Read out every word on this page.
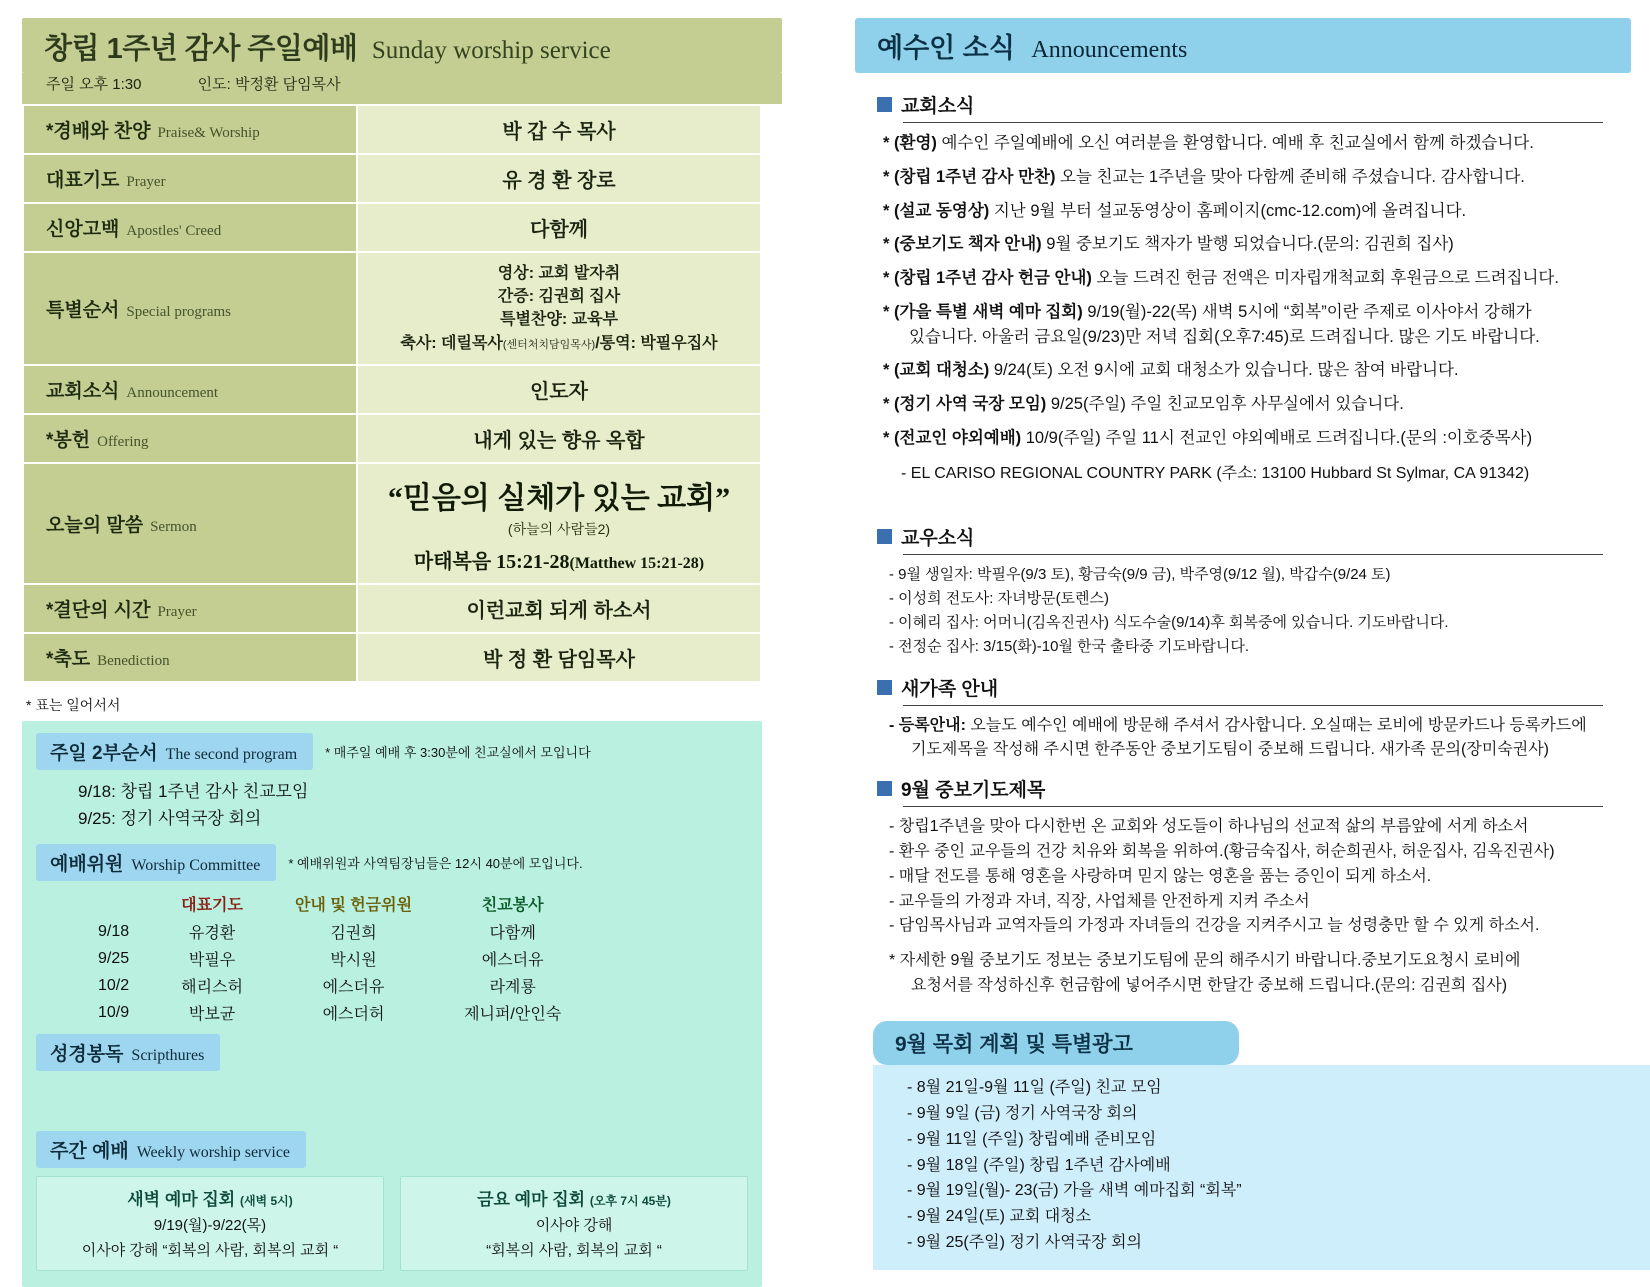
창립 1주년 감사 주일예배 Sunday worship service
주일 오후 1:30	인도: 박정환 담임목사
*경배와 찬양 Praise& Worship	박 갑 수 목사
대표기도 Prayer	유 경 환 장로
신앙고백 Apostles' Creed	다함께
특별순서 Special programs	영상: 교회 발자취
간증: 김권희 집사
특별찬양: 교육부
축사: 데릴목사(센터처치담임목사)/통역: 박필우집사

교회소식 Announcement	인도자
*봉헌 Offering	내게 있는 향유 옥합
오늘의 말씀 Sermon	“믿음의 실체가 있는 교회”
(하늘의 사람들2)
마태복음 15:21-28(Matthew 15:21-28)

*결단의 시간 Prayer	이런교회 되게 하소서
*축도 Benediction	박 정 환 담임목사
* 표는 일어서서
주일 2부순서 The second program	* 매주일 예배 후 3:30분에 친교실에서 모입니다
9/18: 창립 1주년 감사 친교모임
9/25: 정기 사역국장 회의
예배위원 Worship Committee	* 예배위원과 사역팀장님들은 12시 40분에 모입니다.
	대표기도	안내 및 헌금위원	친교봉사
9/18	유경환	김권희	다함께
9/25	박필우	박시원	에스더유
10/2	해리스허	에스더유	라계룡
10/9	박보균	에스더허	제니퍼/안인숙
성경봉독 Scripthures
주간 예배 Weekly worship service
새벽 예마 집회 (새벽 5시)
9/19(월)-9/22(목)
이사야 강해 “회복의 사람, 회복의 교회 “
금요 예마 집회 (오후 7시 45분)
이사야 강해
“회복의 사람, 회복의 교회 “
예수인 소식 Announcements
교회소식
* (환영) 예수인 주일예배에 오신 여러분을 환영합니다. 예배 후 친교실에서 함께 하겠습니다.
* (창립 1주년 감사 만찬) 오늘 친교는 1주년을 맞아 다함께 준비해 주셨습니다. 감사합니다.
* (설교 동영상) 지난 9월 부터 설교동영상이 홈페이지(cmc-12.com)에 올려집니다.
* (중보기도 책자 안내) 9월 중보기도 책자가 발행 되었습니다.(문의: 김권희 집사)
* (창립 1주년 감사 헌금 안내) 오늘 드려진 헌금 전액은 미자립개척교회 후원금으로 드려집니다.
* (가을 특별 새벽 예마 집회) 9/19(월)-22(목) 새벽 5시에 “회복”이란 주제로 이사야서 강해가
있습니다. 아울러 금요일(9/23)만 저녁 집회(오후7:45)로 드려집니다. 많은 기도 바랍니다.
* (교회 대청소) 9/24(토) 오전 9시에 교회 대청소가 있습니다. 많은 참여 바랍니다.
* (정기 사역 국장 모임) 9/25(주일) 주일 친교모임후 사무실에서 있습니다.
* (전교인 야외예배) 10/9(주일) 주일 11시 전교인 야외예배로 드려집니다.(문의 :이호중목사)
- EL CARISO REGIONAL COUNTRY PARK (주소: 13100 Hubbard St Sylmar, CA 91342)
교우소식
- 9월 생일자: 박필우(9/3 토), 황금숙(9/9 금), 박주영(9/12 월), 박갑수(9/24 토)
- 이성희 전도사: 자녀방문(토렌스)
- 이혜리 집사: 어머니(김옥진권사) 식도수술(9/14)후 회복중에 있습니다. 기도바랍니다.
- 전정순 집사: 3/15(화)-10월 한국 출타중 기도바랍니다.
새가족 안내
- 등록안내: 오늘도 예수인 예배에 방문해 주셔서 감사합니다. 오실때는 로비에 방문카드나 등록카드에
기도제목을 작성해 주시면 한주동안 중보기도팀이 중보해 드립니다. 새가족 문의(장미숙권사)
9월 중보기도제목
- 창립1주년을 맞아 다시한번 온 교회와 성도들이 하나님의 선교적 삶의 부름앞에 서게 하소서
- 환우 중인 교우들의 건강 치유와 회복을 위하여.(황금숙집사, 허순희권사, 허운집사, 김옥진권사)
- 매달 전도를 통해 영혼을 사랑하며 믿지 않는 영혼을 품는 증인이 되게 하소서.
- 교우들의 가정과 자녀, 직장, 사업체를 안전하게 지켜 주소서
- 담임목사님과 교역자들의 가정과 자녀들의 건강을 지켜주시고 늘 성령충만 할 수 있게 하소서.
* 자세한 9월 중보기도 정보는 중보기도팀에 문의 해주시기 바랍니다.중보기도요청시 로비에
요청서를 작성하신후 헌금함에 넣어주시면 한달간 중보해 드립니다.(문의: 김권희 집사)
9월 목회 계획 및 특별광고
- 8월 21일-9월 11일 (주일) 친교 모임
- 9월 9일 (금) 정기 사역국장 회의
- 9월 11일 (주일) 창립예배 준비모임
- 9월 18일 (주일) 창립 1주년 감사예배
- 9월 19일(월)- 23(금) 가을 새벽 예마집회 “회복”
- 9월 24일(토) 교회 대청소
- 9월 25(주일) 정기 사역국장 회의
